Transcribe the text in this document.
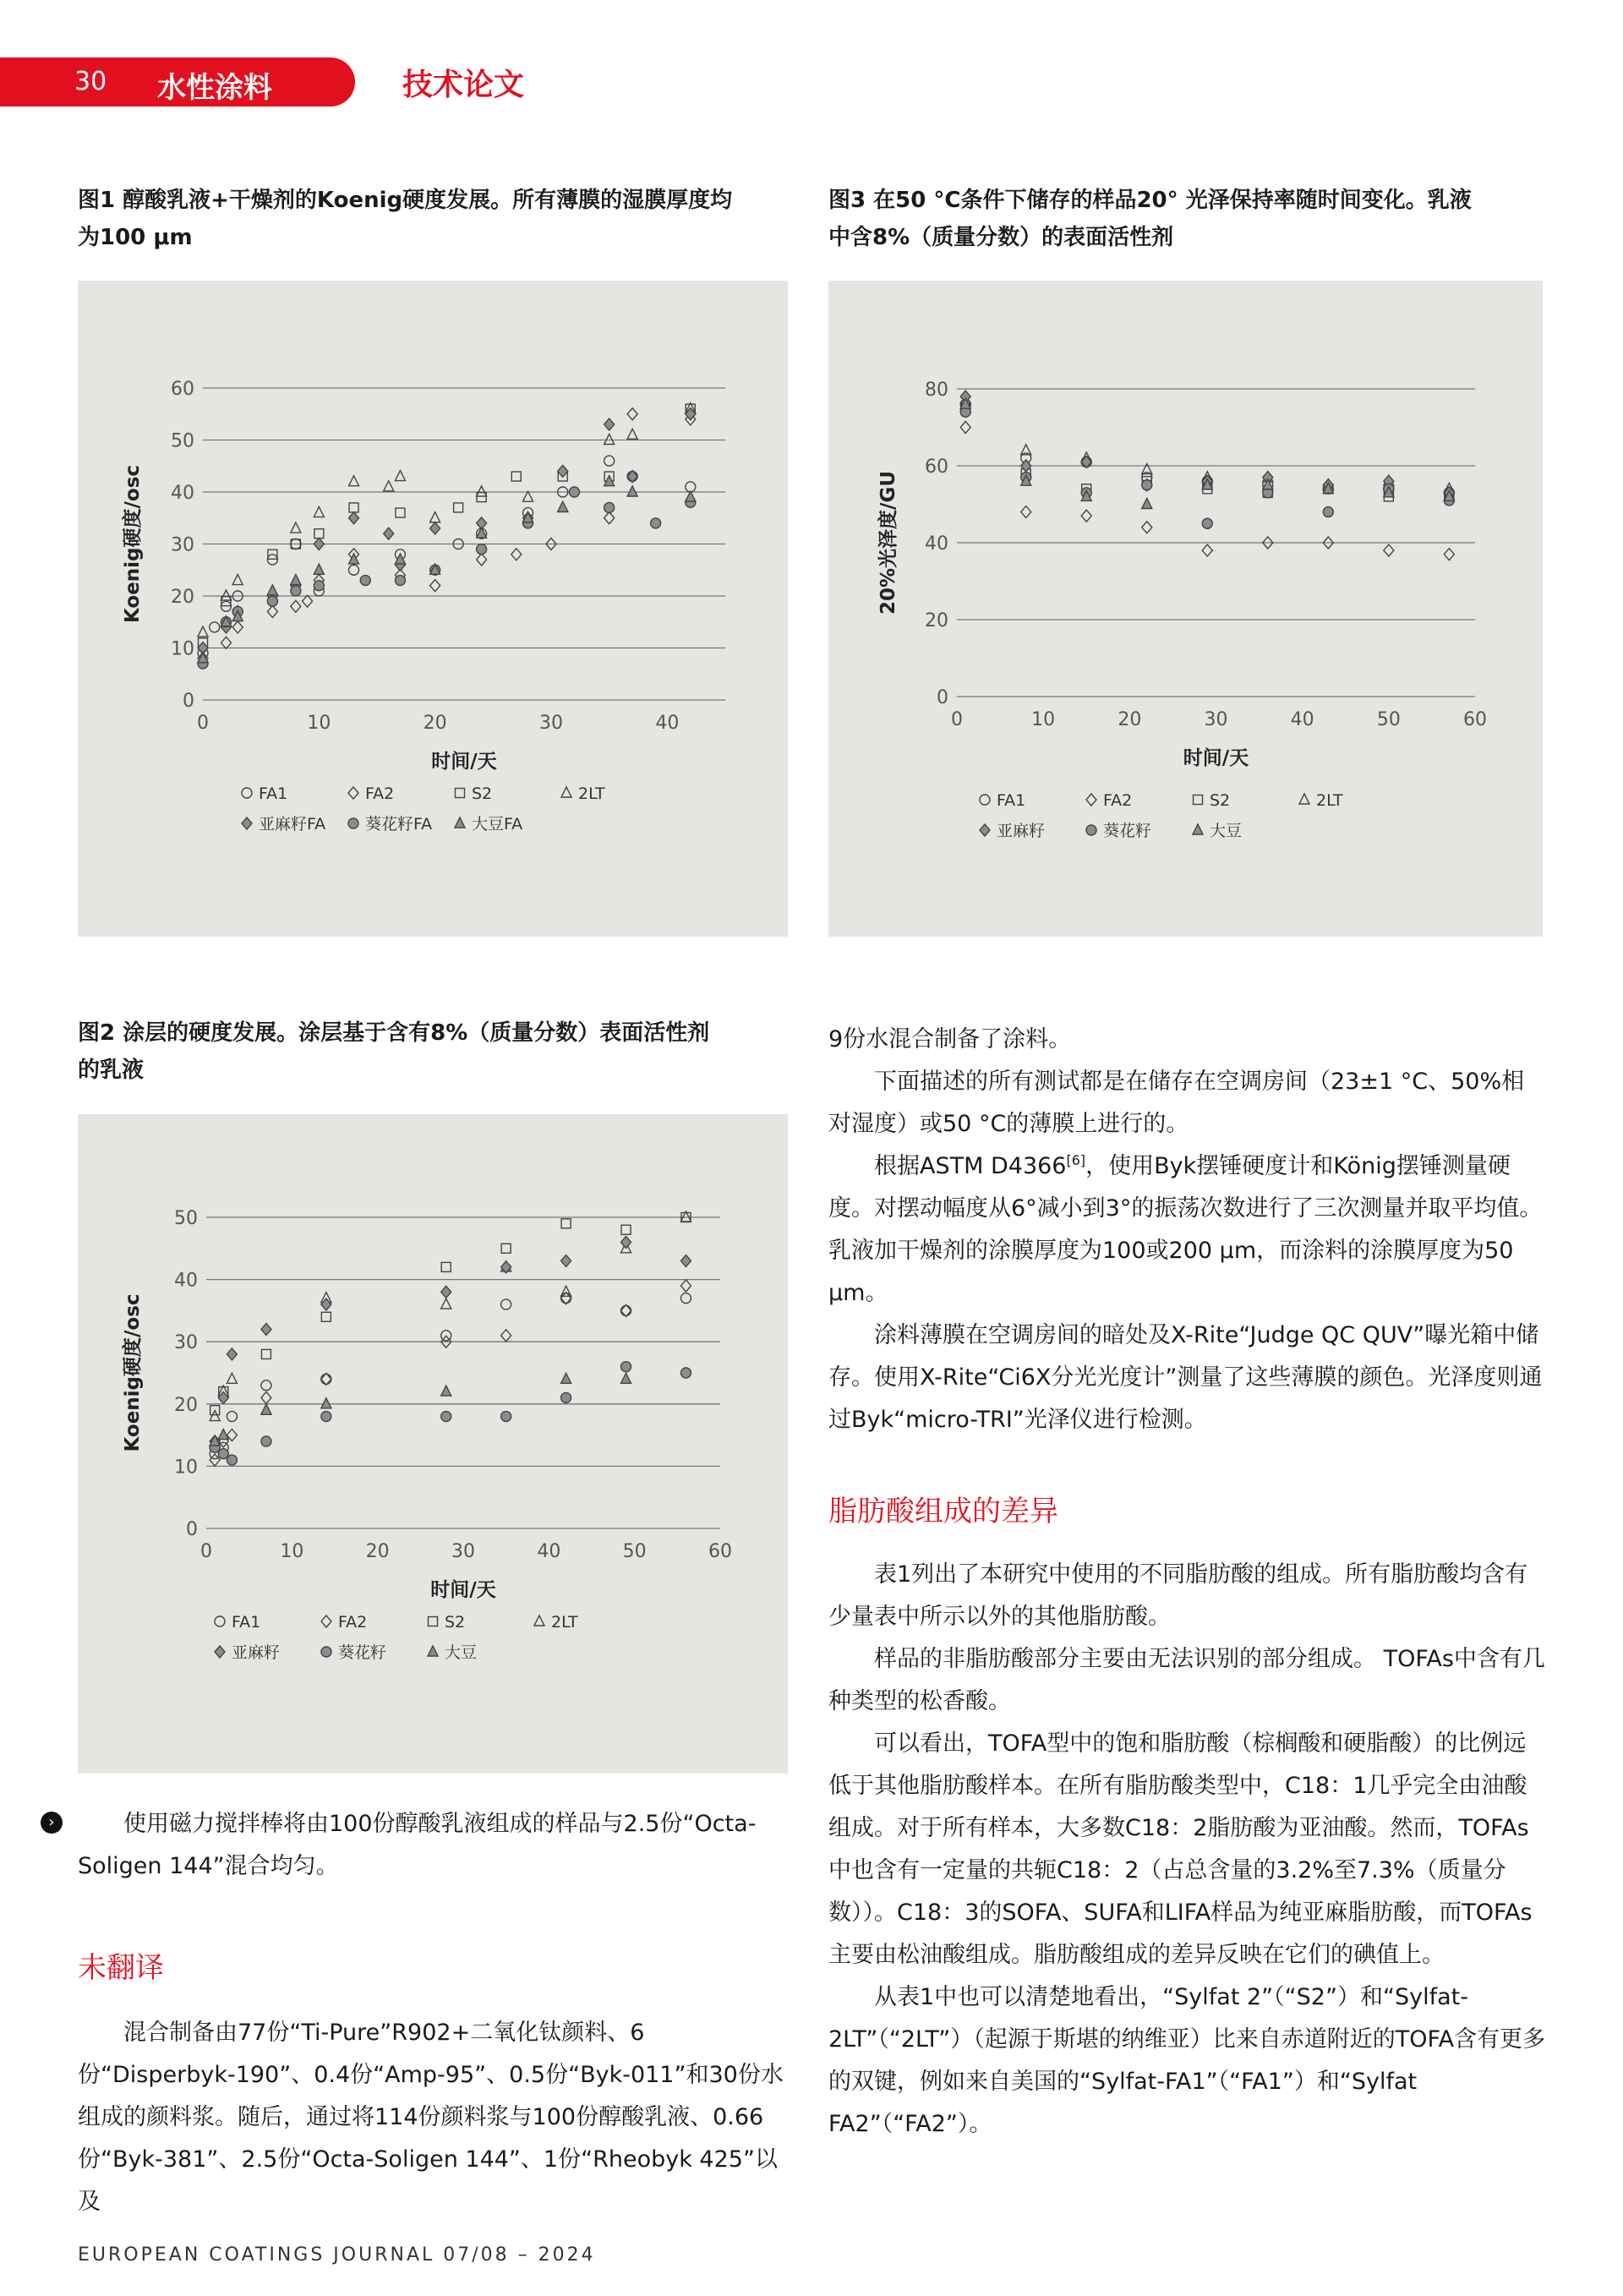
30 水性涂料	技术论文
图1 醇酸乳液+干燥剂的Koenig硬度发展。所有薄膜的湿膜厚度均
为100 μm
0
10
20
30
40
50
60
0	10	20	30	40
时间/天
Koenig硬度/osc
FA1	FA2	S2	2LT
亚麻籽FA 葵花籽FA 大豆FA
图3 在50 °C条件下储存的样品20° 光泽保持率随时间变化。乳液
中含8%（质量分数）的表面活性剂
0
20
40
60
80
0	10	20	30	40	50	60
时间/天
20%光泽度/GU
FA1	FA2	S2	2LT
亚麻籽	葵花籽	大豆
图2 涂层的硬度发展。涂层基于含有8%（质量分数）表面活性剂
的乳液
0
10
20
30
40
50
0	10	20	30	40	50	60
时间/天
Koenig硬度/osc
FA1	FA2	S2	2LT
亚麻籽	葵花籽	大豆
›	使用磁力搅拌棒将由100份醇酸乳液组成的样品与2.5份“Octa-Soligen 144”混合均匀。

未翻译

混合制备由77份“Ti-Pure”R902+二氧化钛颜料、6份“Disperbyk-190”、0.4份“Amp-95”、0.5份“Byk-011”和30份水组成的颜料浆。随后，通过将114份颜料浆与100份醇酸乳液、0.66份“Byk-381”、2.5份“Octa-Soligen 144”、1份“Rheobyk 425”以及

9份水混合制备了涂料。

下面描述的所有测试都是在储存在空调房间（23±1 °C、50%相对湿度）或50 °C的薄膜上进行的。

根据ASTM D4366[6]，使用Byk摆锤硬度计和König摆锤测量硬度。对摆动幅度从6°减小到3°的振荡次数进行了三次测量并取平均值。乳液加干燥剂的涂膜厚度为100或200 μm，而涂料的涂膜厚度为50 μm。

涂料薄膜在空调房间的暗处及X-Rite“Judge QC QUV”曝光箱中储存。使用X-Rite“Ci6X分光光度计”测量了这些薄膜的颜色。光泽度则通过Byk“micro-TRI”光泽仪进行检测。

脂肪酸组成的差异

表1列出了本研究中使用的不同脂肪酸的组成。所有脂肪酸均含有少量表中所示以外的其他脂肪酸。

样品的非脂肪酸部分主要由无法识别的部分组成。 TOFAs中含有几种类型的松香酸。

可以看出，TOFA型中的饱和脂肪酸（棕榈酸和硬脂酸）的比例远低于其他脂肪酸样本。在所有脂肪酸类型中，C18：1几乎完全由油酸组成。对于所有样本，大多数C18：2脂肪酸为亚油酸。然而，TOFAs中也含有一定量的共轭C18：2（占总含量的3.2%至7.3%（质量分数））。C18：3的SOFA、SUFA和LIFA样品为纯亚麻脂肪酸，而TOFAs主要由松油酸组成。脂肪酸组成的差异反映在它们的碘值上。

从表1中也可以清楚地看出，“Sylfat 2”（“S2”）和“Sylfat-2LT”（“2LT”）（起源于斯堪的纳维亚）比来自赤道附近的TOFA含有更多的双键，例如来自美国的“Sylfat-FA1”（“FA1”）和“Sylfat FA2”（“FA2”）。

EUROPEAN COATINGS JOURNAL 07/08 – 2024
